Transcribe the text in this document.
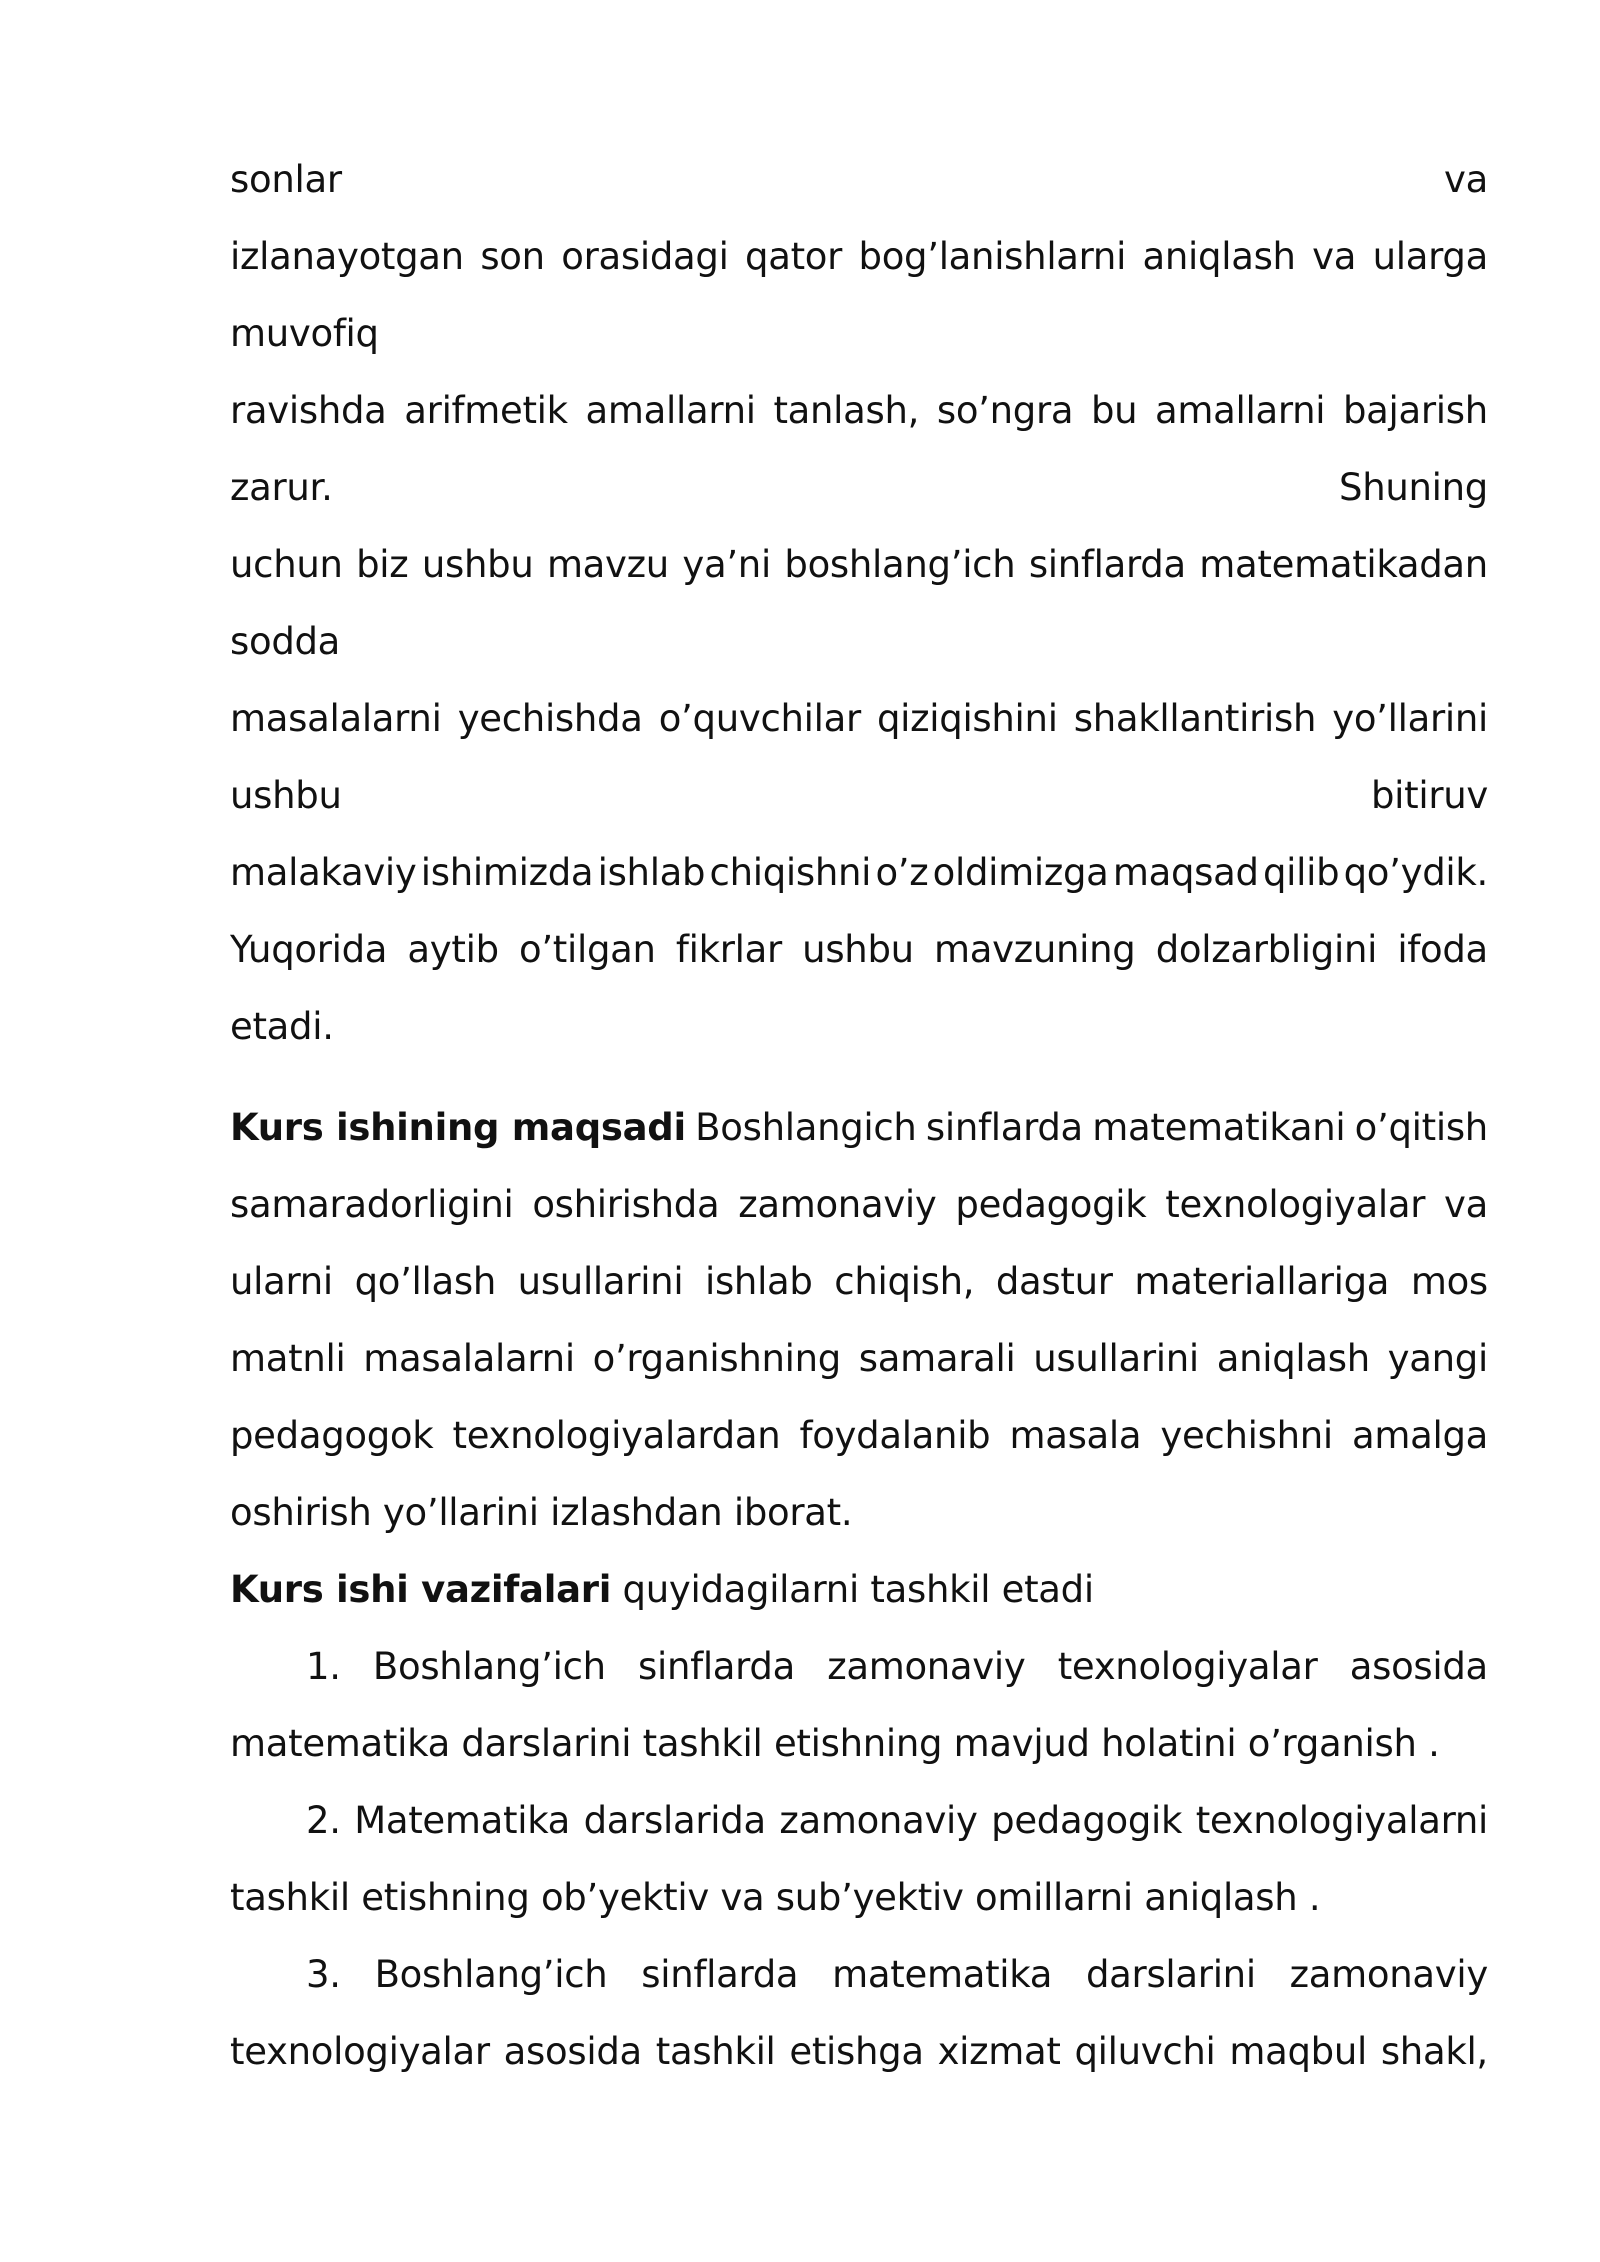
sonlar	va
izlanayotgan son orasidagi qator bog’lanishlarni aniqlash va ularga
muvofiq
ravishda arifmetik amallarni tanlash, so’ngra bu amallarni bajarish
zarur.	Shuning
uchun biz ushbu mavzu ya’ni boshlang’ich sinflarda matematikadan
sodda
masalalarni yechishda o’quvchilar qiziqishini shakllantirish yo’llarini
ushbu	bitiruv
malakaviy ishimizda ishlab chiqishni o’z oldimizga maqsad qilib qo’ydik.
Yuqorida aytib o’tilgan fikrlar ushbu mavzuning dolzarbligini ifoda
etadi.
Kurs ishining maqsadi Boshlangich sinflarda matematikani o’qitish
samaradorligini oshirishda zamonaviy pedagogik texnologiyalar va
ularni qo’llash usullarini ishlab chiqish, dastur materiallariga mos
matnli masalalarni o’rganishning samarali usullarini aniqlash yangi
pedagogok texnologiyalardan foydalanib masala yechishni amalga
oshirish yo’llarini izlashdan iborat.
Kurs ishi vazifalari quyidagilarni tashkil etadi
1. Boshlang’ich sinflarda zamonaviy texnologiyalar asosida
matematika darslarini tashkil etishning mavjud holatini o’rganish .
2. Matematika darslarida zamonaviy pedagogik texnologiyalarni
tashkil etishning ob’yektiv va sub’yektiv omillarni aniqlash .
3. Boshlang’ich sinflarda matematika darslarini zamonaviy
texnologiyalar asosida tashkil etishga xizmat qiluvchi maqbul shakl,
